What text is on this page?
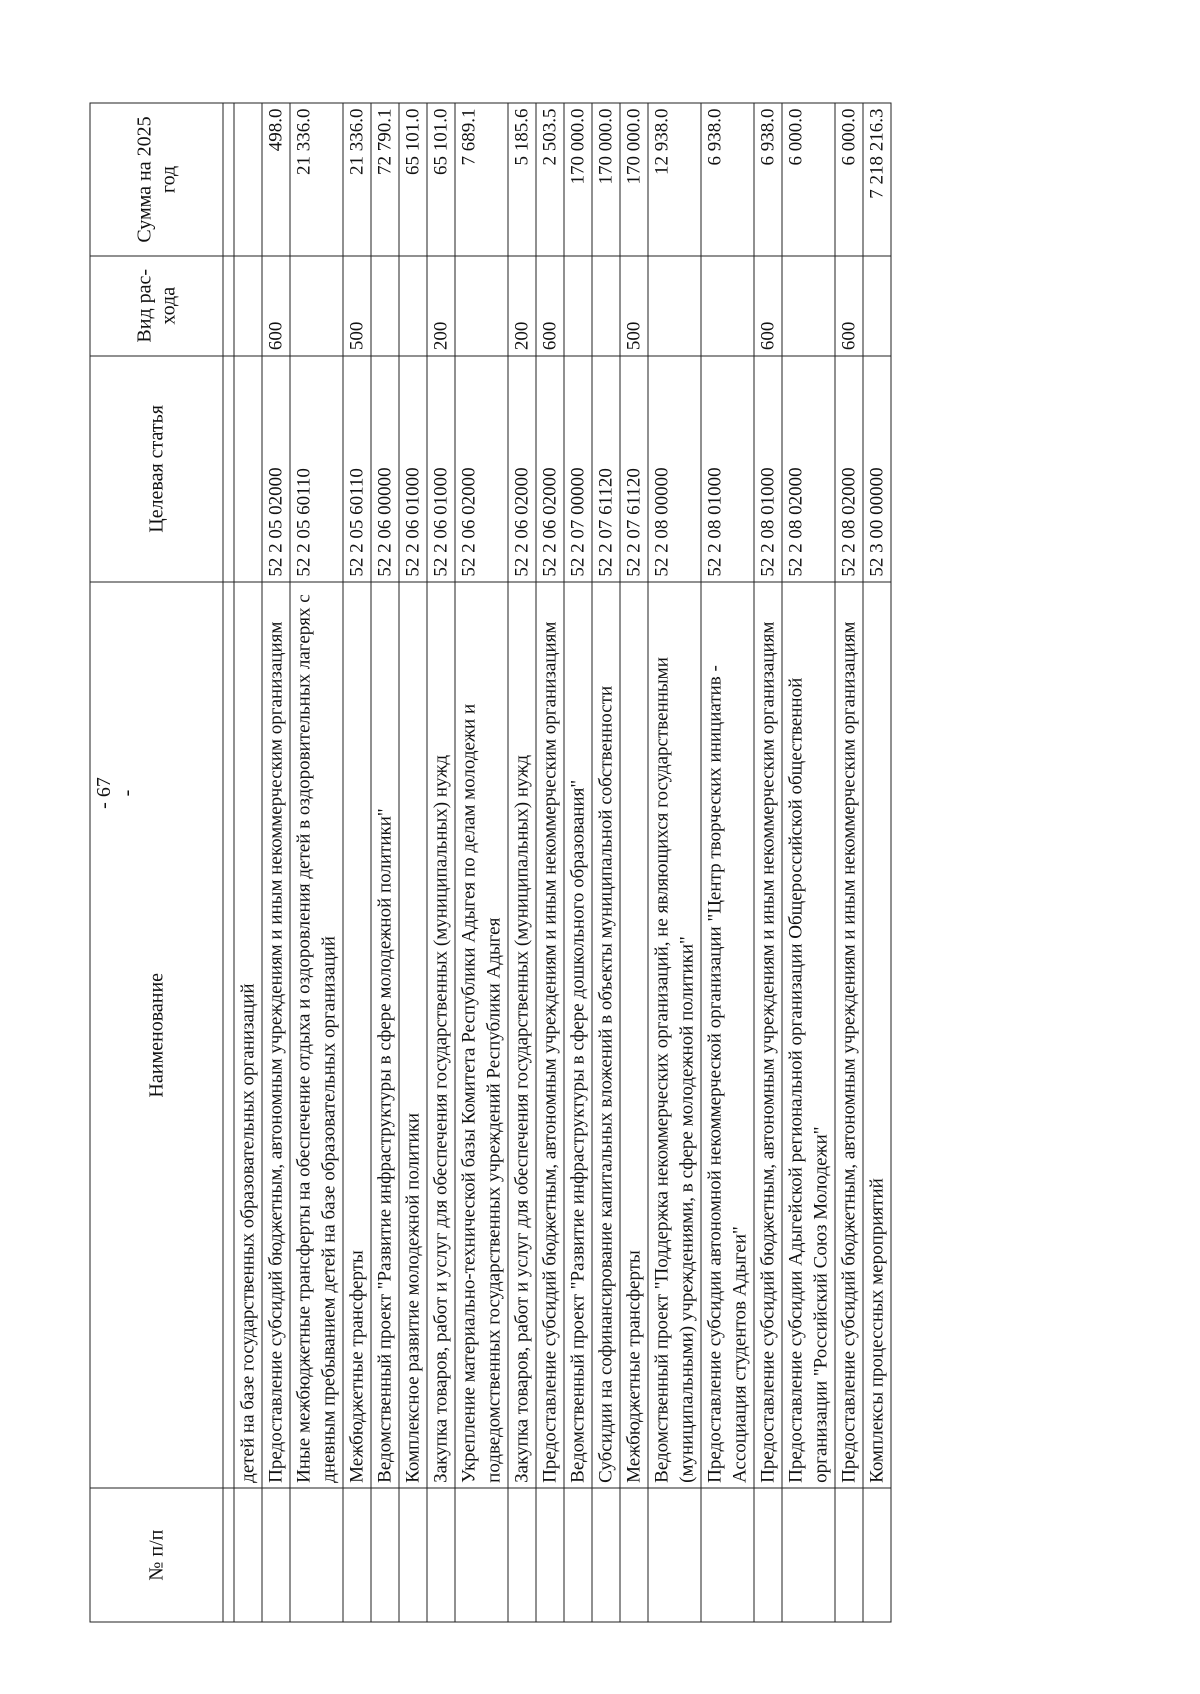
- 67 -
№ п/п	Наименование	Целевая статья	Вид рас- хода	Сумма на 2025 год

	детей на базе государственных образовательных организаций			
	Предоставление субсидий бюджетным, автономным учреждениям и иным некоммерческим организациям	52 2 05 02000	600	498.0
	Иные межбюджетные трансферты на обеспечение отдыха и оздоровления детей в оздоровительных лагерях с дневным пребыванием детей на базе образовательных организаций	52 2 05 60110		21 336.0
	Межбюджетные трансферты	52 2 05 60110	500	21 336.0
	Ведомственный проект "Развитие инфраструктуры в сфере молодежной политики"	52 2 06 00000		72 790.1
	Комплексное развитие молодежной политики	52 2 06 01000		65 101.0
	Закупка товаров, работ и услуг для обеспечения государственных (муниципальных) нужд	52 2 06 01000	200	65 101.0
	Укрепление материально-технической базы Комитета Республики Адыгея по делам молодежи и подведомственных государственных учреждений Республики Адыгея	52 2 06 02000		7 689.1
	Закупка товаров, работ и услуг для обеспечения государственных (муниципальных) нужд	52 2 06 02000	200	5 185.6
	Предоставление субсидий бюджетным, автономным учреждениям и иным некоммерческим организациям	52 2 06 02000	600	2 503.5
	Ведомственный проект "Развитие инфраструктуры в сфере дошкольного образования"	52 2 07 00000		170 000.0
	Субсидии на софинансирование капитальных вложений в объекты муниципальной собственности	52 2 07 61120		170 000.0
	Межбюджетные трансферты	52 2 07 61120	500	170 000.0
	Ведомственный проект "Поддержка некоммерческих организаций, не являющихся государственными (муниципальными) учреждениями, в сфере молодежной политики"	52 2 08 00000		12 938.0
	Предоставление субсидии автономной некоммерческой организации "Центр творческих инициатив - Ассоциация студентов Адыгеи"	52 2 08 01000		6 938.0
	Предоставление субсидий бюджетным, автономным учреждениям и иным некоммерческим организациям	52 2 08 01000	600	6 938.0
	Предоставление субсидии Адыгейской региональной организации Общероссийской общественной организации "Российский Союз Молодежи"	52 2 08 02000		6 000.0
	Предоставление субсидий бюджетным, автономным учреждениям и иным некоммерческим организациям	52 2 08 02000	600	6 000.0
	Комплексы процессных мероприятий	52 3 00 00000		7 218 216.3
